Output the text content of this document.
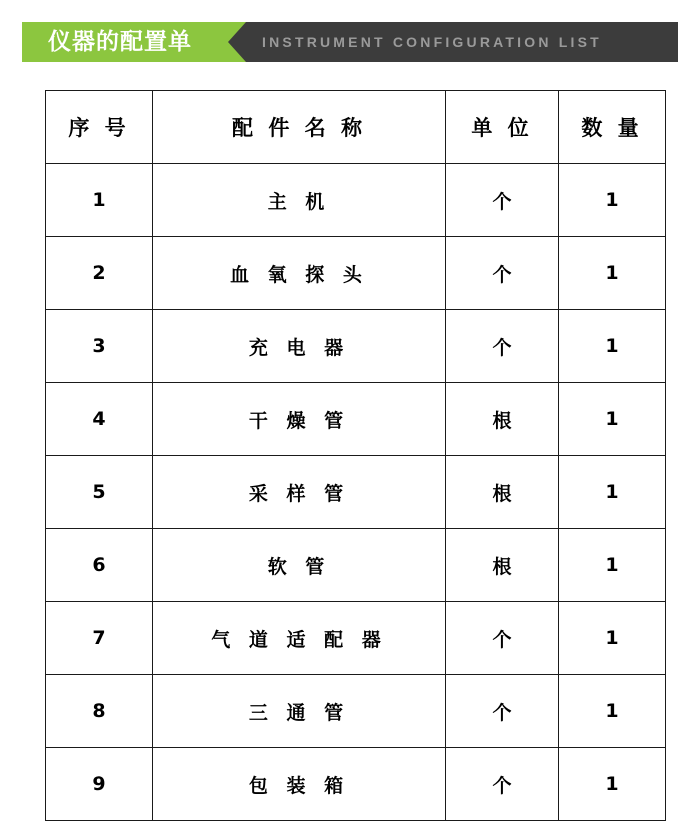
仪器的配置单	INSTRUMENT CONFIGURATION LIST
序 号	配 件 名 称	单 位	数 量
1	主 机	个	1
2	血 氧 探 头	个	1
3	充 电 器	个	1
4	干 燥 管	根	1
5	采 样 管	根	1
6	软 管	根	1
7	气 道 适 配 器	个	1
8	三 通 管	个	1
9	包 装 箱	个	1
